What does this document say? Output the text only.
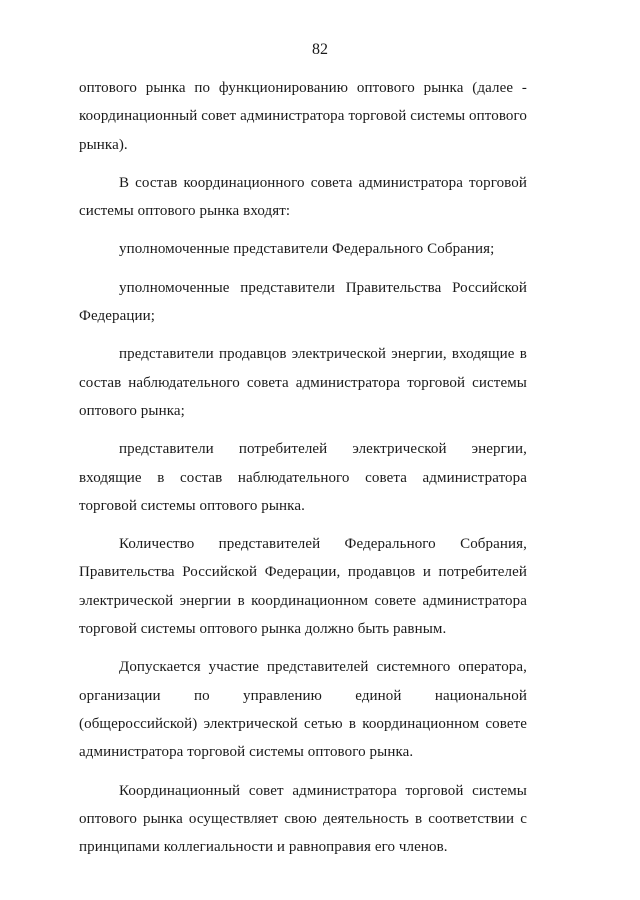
82

оптового рынка по функционированию оптового рынка (далее - координационный совет администратора торговой системы оптового рынка).

В состав координационного совета администратора торговой системы оптового рынка входят:

уполномоченные представители Федерального Собрания;

уполномоченные представители Правительства Российской Федерации;

представители продавцов электрической энергии, входящие в состав наблюдательного совета администратора торговой системы оптового рынка;

представители потребителей электрической энергии, входящие в состав наблюдательного совета администратора торговой системы оптового рынка.

Количество представителей Федерального Собрания, Правительства Российской Федерации, продавцов и потребителей электрической энергии в координационном совете администратора торговой системы оптового рынка должно быть равным.

Допускается участие представителей системного оператора, организации по управлению единой национальной (общероссийской) электрической сетью в координационном совете администратора торговой системы оптового рынка.

Координационный совет администратора торговой системы оптового рынка осуществляет свою деятельность в соответствии с принципами коллегиальности и равноправия его членов.
